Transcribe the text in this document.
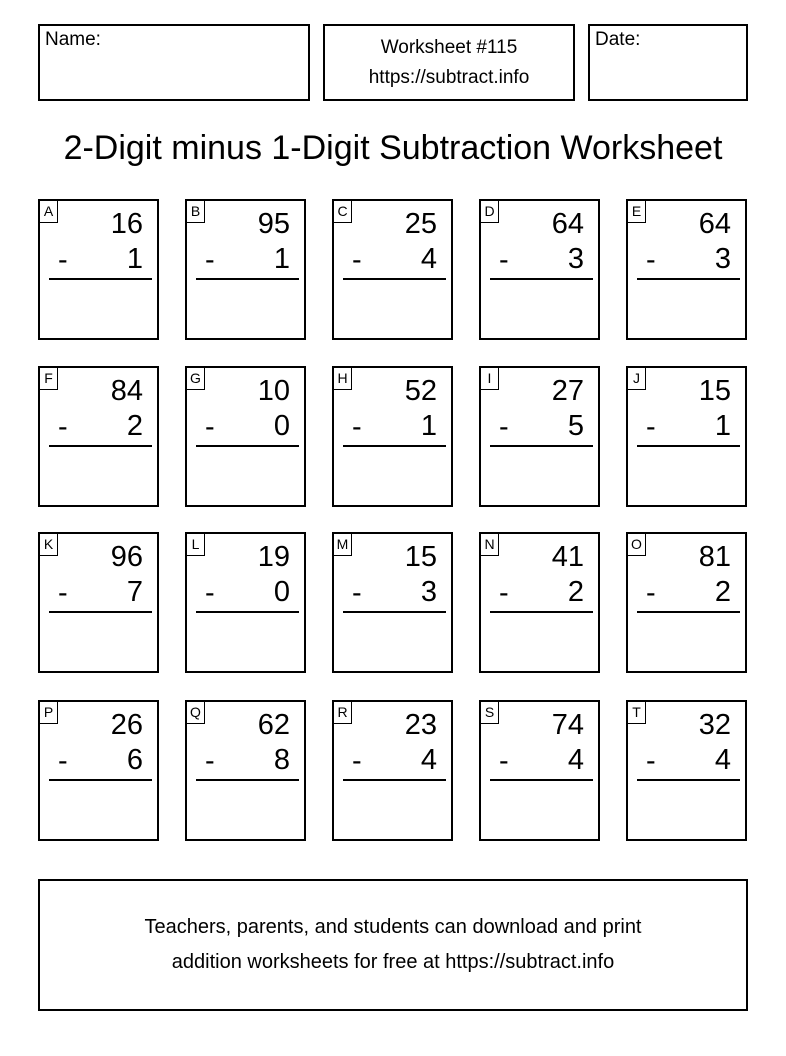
Name:	Worksheet #115
https://subtract.info
Date:
2-Digit minus 1-Digit Subtraction Worksheet
A 16
- 1
B 95
- 1
C 25
- 4
D 64
- 3
E 64
- 3
F 84
- 2
G 10
- 0
H 52
- 1
I 27
- 5
J 15
- 1
K 96
- 7
L 19
- 0
M 15
- 3
N 41
- 2
O 81
- 2
P 26
- 6
Q 62
- 8
R 23
- 4
S 74
- 4
T 32
- 4
Teachers, parents, and students can download and print
addition worksheets for free at https://subtract.info
